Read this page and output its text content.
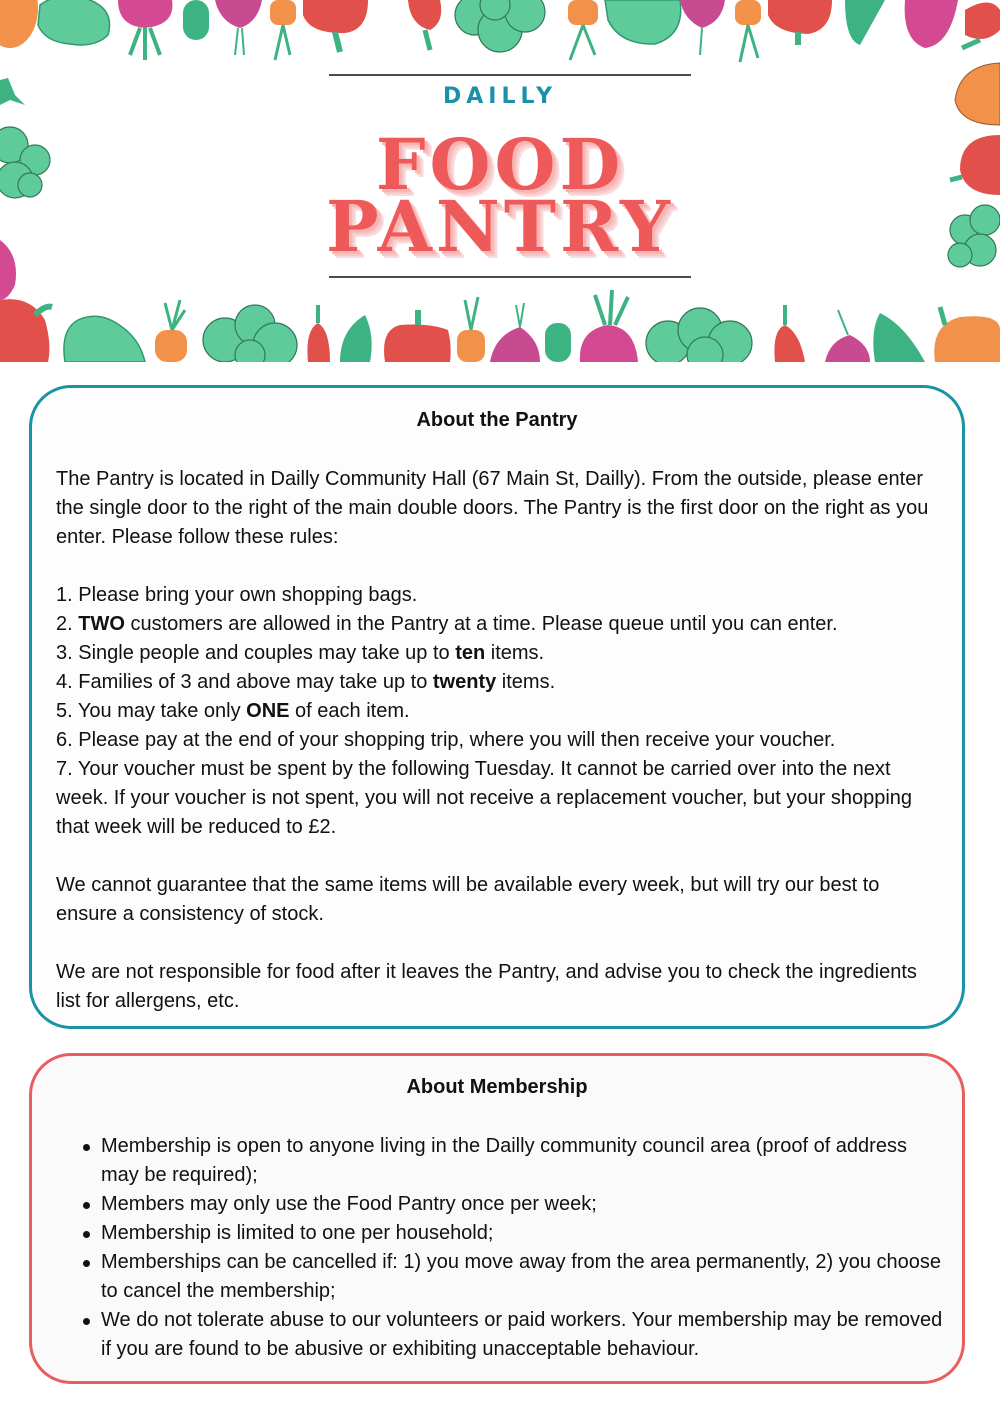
DAILLY
FOOD
PANTRY
About the Pantry

The Pantry is located in Dailly Community Hall (67 Main St, Dailly). From the outside, please enter the single door to the right of the main double doors. The Pantry is the first door on the right as you enter. Please follow these rules:

1. Please bring your own shopping bags.

2. TWO customers are allowed in the Pantry at a time. Please queue until you can enter.

3. Single people and couples may take up to ten items.

4. Families of 3 and above may take up to twenty items.

5. You may take only ONE of each item.

6. Please pay at the end of your shopping trip, where you will then receive your voucher.

7. Your voucher must be spent by the following Tuesday. It cannot be carried over into the next week. If your voucher is not spent, you will not receive a replacement voucher, but your shopping that week will be reduced to £2.

We cannot guarantee that the same items will be available every week, but will try our best to ensure a consistency of stock.

We are not responsible for food after it leaves the Pantry, and advise you to check the ingredients list for allergens, etc.

About Membership
Membership is open to anyone living in the Dailly community council area (proof of address may be required);
Members may only use the Food Pantry once per week;
Membership is limited to one per household;
Memberships can be cancelled if: 1) you move away from the area permanently, 2) you choose to cancel the membership;
We do not tolerate abuse to our volunteers or paid workers. Your membership may be removed if you are found to be abusive or exhibiting unacceptable behaviour.
